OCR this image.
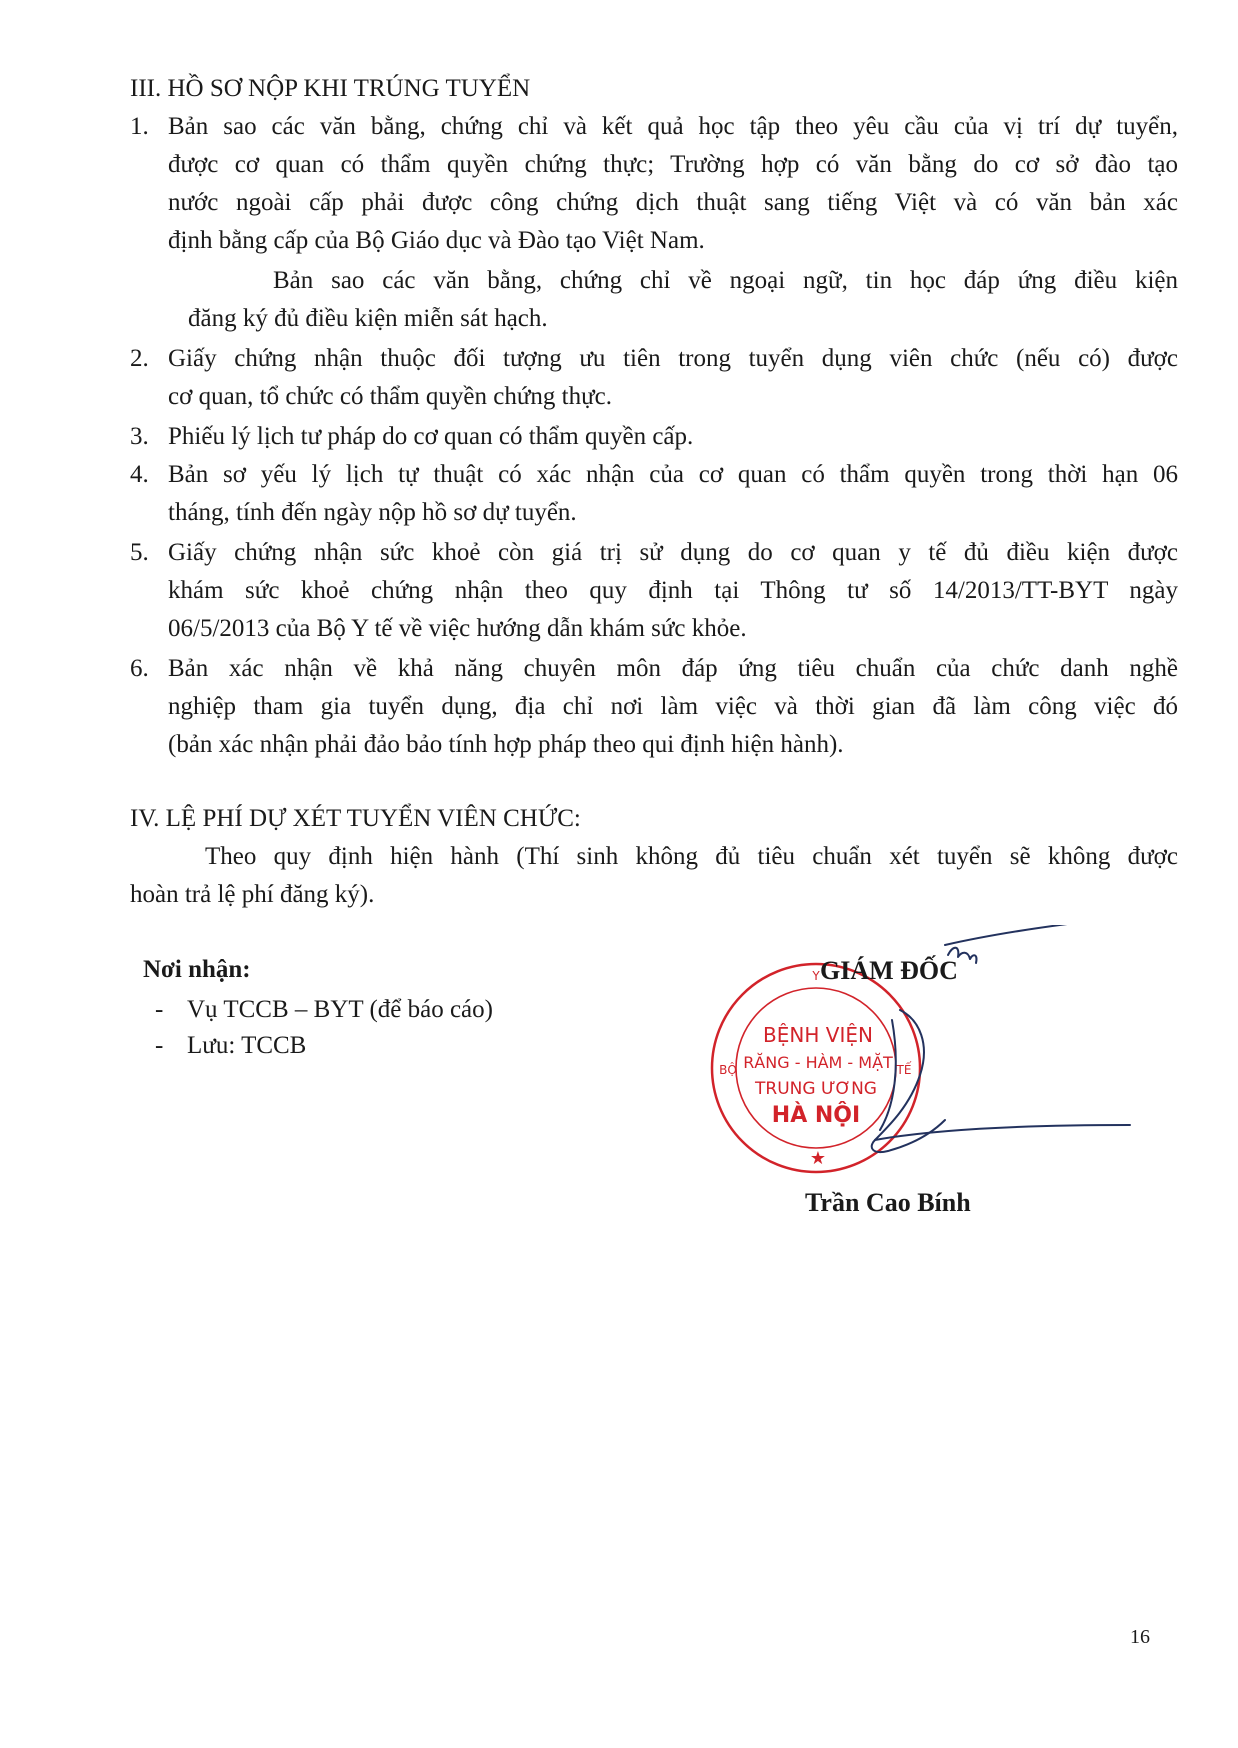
III. HỒ SƠ NỘP KHI TRÚNG TUYỂN
1. Bản sao các văn bằng, chứng chỉ và kết quả học tập theo yêu cầu của vị trí dự tuyển,
được cơ quan có thẩm quyền chứng thực; Trường hợp có văn bằng do cơ sở đào tạo
nước ngoài cấp phải được công chứng dịch thuật sang tiếng Việt và có văn bản xác
định bằng cấp của Bộ Giáo dục và Đào tạo Việt Nam.
Bản sao các văn bằng, chứng chỉ về ngoại ngữ, tin học đáp ứng điều kiện
đăng ký đủ điều kiện miễn sát hạch.
2. Giấy chứng nhận thuộc đối tượng ưu tiên trong tuyển dụng viên chức (nếu có) được
cơ quan, tổ chức có thẩm quyền chứng thực.
3. Phiếu lý lịch tư pháp do cơ quan có thẩm quyền cấp.
4. Bản sơ yếu lý lịch tự thuật có xác nhận của cơ quan có thẩm quyền trong thời hạn 06
tháng, tính đến ngày nộp hồ sơ dự tuyển.
5. Giấy chứng nhận sức khoẻ còn giá trị sử dụng do cơ quan y tế đủ điều kiện được
khám sức khoẻ chứng nhận theo quy định tại Thông tư số 14/2013/TT-BYT ngày
06/5/2013 của Bộ Y tế về việc hướng dẫn khám sức khỏe.
6. Bản xác nhận về khả năng chuyên môn đáp ứng tiêu chuẩn của chức danh nghề
nghiệp tham gia tuyển dụng, địa chỉ nơi làm việc và thời gian đã làm công việc đó
(bản xác nhận phải đảo bảo tính hợp pháp theo qui định hiện hành).
IV. LỆ PHÍ DỰ XÉT TUYỂN VIÊN CHỨC:
Theo quy định hiện hành (Thí sinh không đủ tiêu chuẩn xét tuyển sẽ không được
hoàn trả lệ phí đăng ký).
Nơi nhận:
- Vụ TCCB – BYT (để báo cáo)
- Lưu: TCCB	BỆNH VIỆN
RĂNG - HÀM - MẶT
TRUNG ƯƠNG
HÀ NỘI
BỘ	TẾ
Y
★
GIÁM ĐỐC
Trần Cao Bính
16
